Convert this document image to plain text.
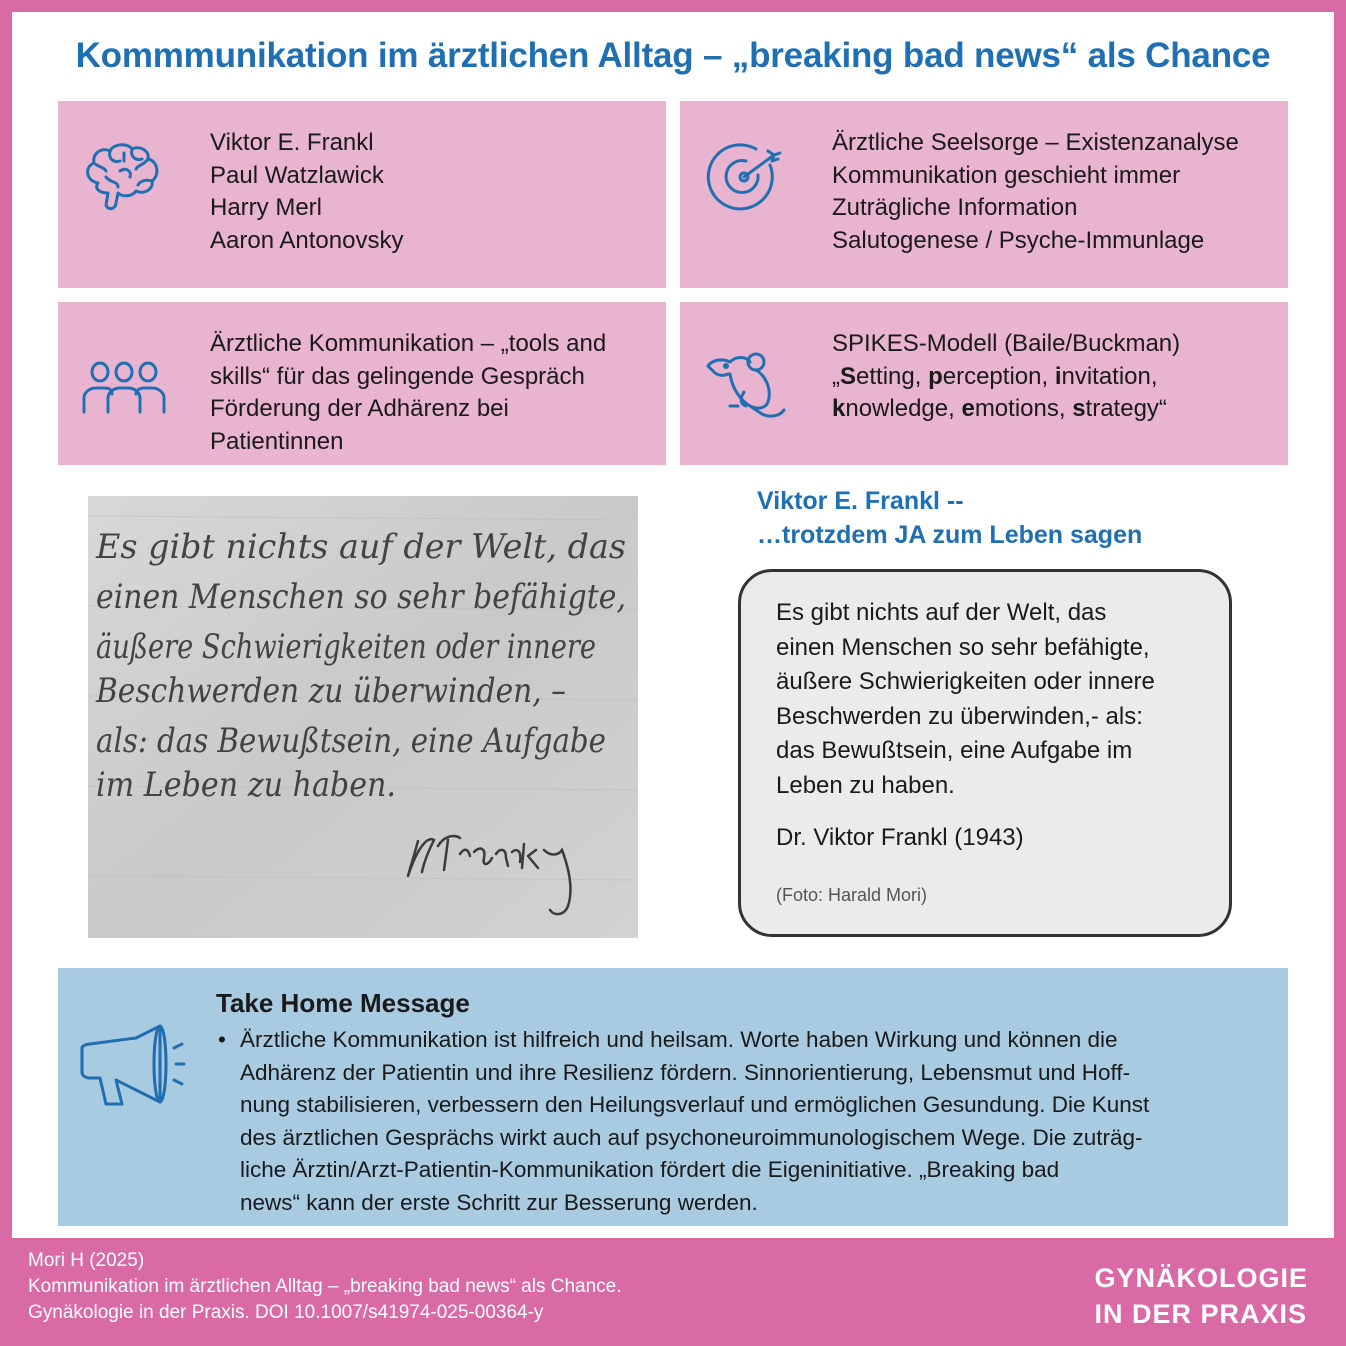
Kommmunikation im ärztlichen Alltag – „breaking bad news“ als Chance
Viktor E. Frankl
Paul Watzlawick
Harry Merl
Aaron Antonovsky
Ärztliche Seelsorge – Existenzanalyse
Kommunikation geschieht immer
Zuträgliche Information
Salutogenese / Psyche-Immunlage
Ärztliche Kommunikation – „tools and
skills“ für das gelingende Gespräch
Förderung der Adhärenz bei
Patientinnen
SPIKES-Modell (Baile/Buckman)
„Setting, perception, invitation,
knowledge, emotions, strategy“
Es gibt nichts auf der Welt, das
einen Menschen so sehr befähigte,
äußere Schwierigkeiten oder innere
Beschwerden zu überwinden, –
als: das Bewußtsein, eine Aufgabe
im Leben zu haben.
Viktor E. Frankl --
…trotzdem JA zum Leben sagen
Es gibt nichts auf der Welt, das
einen Menschen so sehr befähigte,
äußere Schwierigkeiten oder innere
Beschwerden zu überwinden,- als:
das Bewußtsein, eine Aufgabe im
Leben zu haben.
Dr. Viktor Frankl (1943)
(Foto: Harald Mori)
Take Home Message
• Ärztliche Kommunikation ist hilfreich und heilsam. Worte haben Wirkung und können die
Adhärenz der Patientin und ihre Resilienz fördern. Sinnorientierung, Lebensmut und Hoff-
nung stabilisieren, verbessern den Heilungsverlauf und ermöglichen Gesundung. Die Kunst
des ärztlichen Gesprächs wirkt auch auf psychoneuroimmunologischem Wege. Die zuträg-
liche Ärztin/Arzt-Patientin-Kommunikation fördert die Eigeninitiative. „Breaking bad
news“ kann der erste Schritt zur Besserung werden.
Mori H (2025)
Kommunikation im ärztlichen Alltag – „breaking bad news“ als Chance.
Gynäkologie in der Praxis. DOI 10.1007/s41974-025-00364-y
GYNÄKOLOGIE
IN DER PRAXIS
